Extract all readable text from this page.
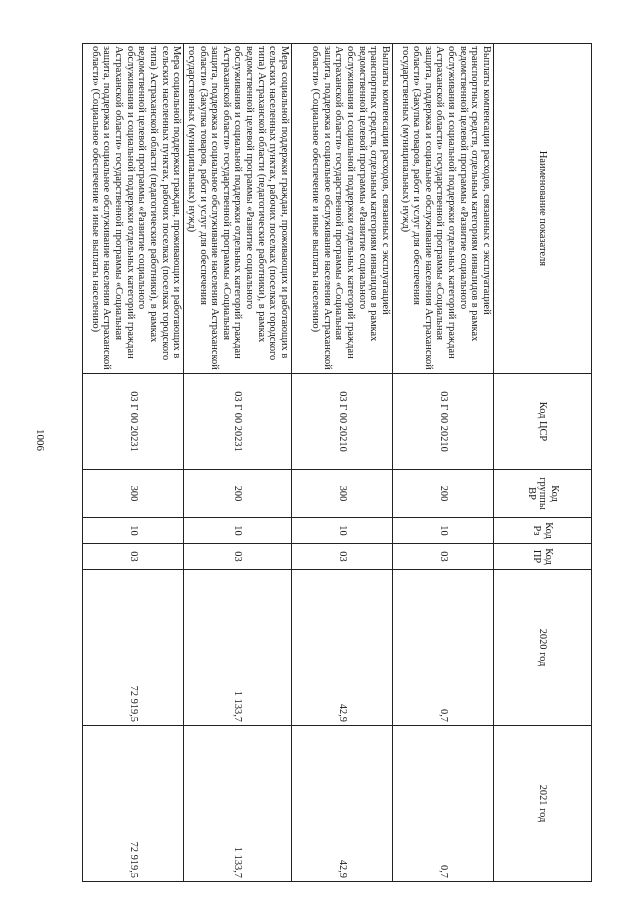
1006
Наименование показателя	Код ЦСР	Код группы ВР	Код Рз	Код ПР	2020 год	2021 год
Выплаты компенсации расходов, связанных с эксплуатацией транспортных средств, отдельным категориям инвалидов в рамках ведомственной целевой программы «Развитие социального обслуживания и социальной поддержки отдельных категорий граждан Астраханской области» государственной программы «Социальная защита, поддержка и социальное обслуживание населения Астраханской области» (Закупка товаров, работ и услуг для обеспечения государственных (муниципальных) нужд)	03 Г 00 20210	200	10	03	0,7	0,7
Выплаты компенсации расходов, связанных с эксплуатацией транспортных средств, отдельным категориям инвалидов в рамках ведомственной целевой программы «Развитие социального обслуживания и социальной поддержки отдельных категорий граждан Астраханской области» государственной программы «Социальная защита, поддержка и социальное обслуживание населения Астраханской области» (Социальное обеспечение и иные выплаты населению)	03 Г 00 20210	300	10	03	42,9	42,9
Мера социальной поддержки граждан, проживающих и работающих в сельских населенных пунктах, рабочих поселках (поселках городского типа) Астраханской области (педагогические работники), в рамках ведомственной целевой программы «Развитие социального обслуживания и социальной поддержки отдельных категорий граждан Астраханской области» государственной программы «Социальная защита, поддержка и социальное обслуживание населения Астраханской области» (Закупка товаров, работ и услуг для обеспечения государственных (муниципальных) нужд)	03 Г 00 20231	200	10	03	1 133,7	1 133,7
Мера социальной поддержки граждан, проживающих и работающих в сельских населенных пунктах, рабочих поселках (поселках городского типа) Астраханской области (педагогические работники), в рамках ведомственной целевой программы «Развитие социального обслуживания и социальной поддержки отдельных категорий граждан Астраханской области» государственной программы «Социальная защита, поддержка и социальное обслуживание населения Астраханской области» (Социальное обеспечение и иные выплаты населению)	03 Г 00 20231	300	10	03	72 919,5	72 919,5
